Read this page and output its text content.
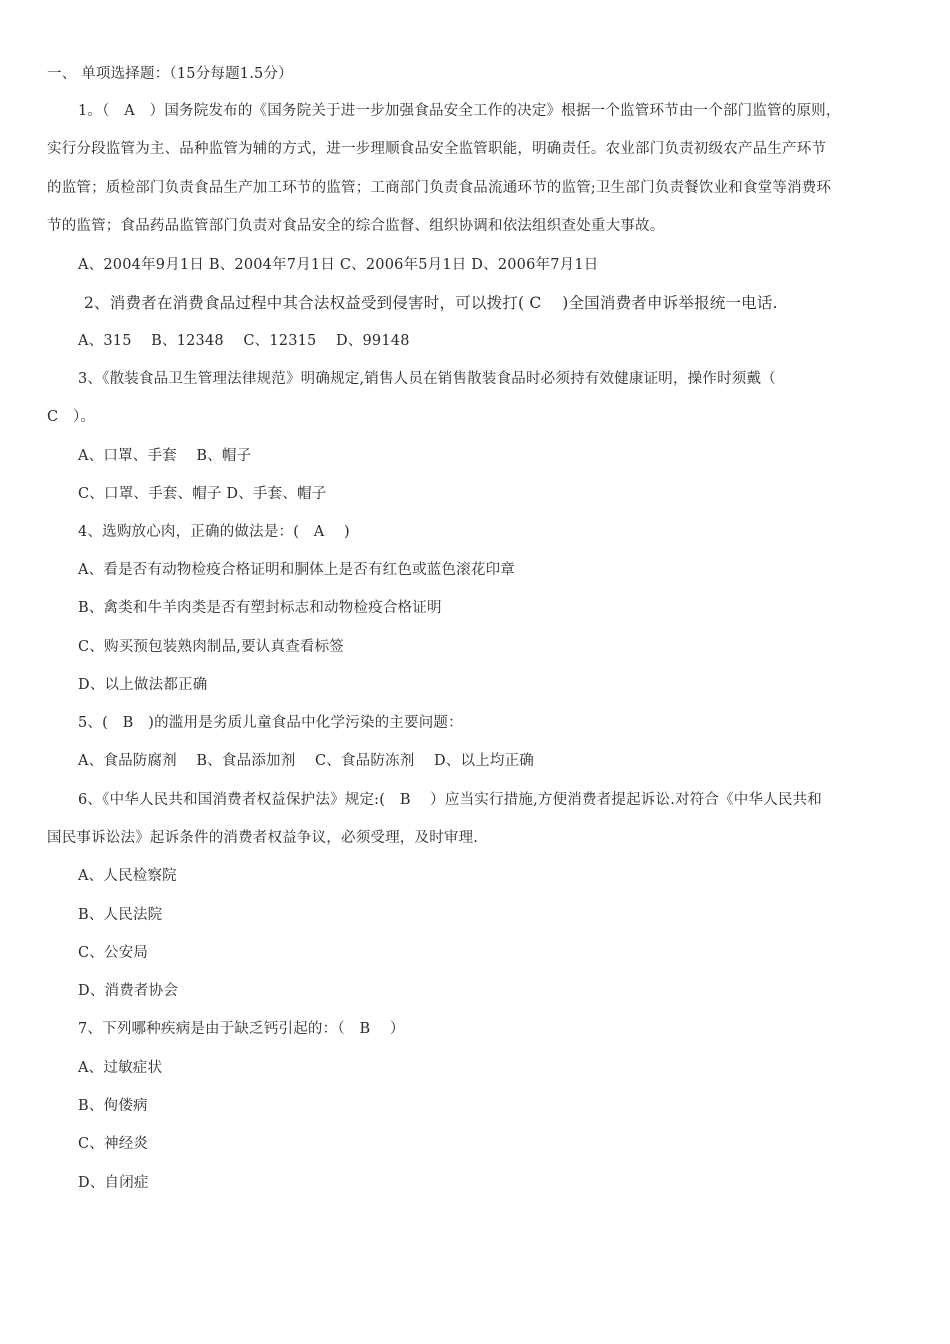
一、 单项选择题：（15分每题1.5分）
1。（　A　）国务院发布的《国务院关于进一步加强食品安全工作的决定》根据一个监管环节由一个部门监管的原则，
实行分段监管为主、品种监管为辅的方式，进一步理顺食品安全监管职能，明确责任。农业部门负责初级农产品生产环节
的监管；质检部门负责食品生产加工环节的监管；工商部门负责食品流通环节的监管;卫生部门负责餐饮业和食堂等消费环
节的监管；食品药品监管部门负责对食品安全的综合监督、组织协调和依法组织查处重大事故。
A、2004年9月1日 B、2004年7月1日 C、2006年5月1日 D、2006年7月1日
2、消费者在消费食品过程中其合法权益受到侵害时，可以拨打( C　 )全国消费者申诉举报统一电话.
A、315　 B、12348　 C、12315　 D、99148
3、《散装食品卫生管理法律规范》明确规定,销售人员在销售散装食品时必须持有效健康证明，操作时须戴（
C　）。
A、口罩、手套　 B、帽子
C、口罩、手套、帽子 D、手套、帽子
4、选购放心肉，正确的做法是：(　A　 )
A、看是否有动物检疫合格证明和胴体上是否有红色或蓝色滚花印章
B、禽类和牛羊肉类是否有塑封标志和动物检疫合格证明
C、购买预包装熟肉制品,要认真查看标签
D、以上做法都正确
5、(　B　)的滥用是劣质儿童食品中化学污染的主要问题：
A、食品防腐剂　 B、食品添加剂　 C、食品防冻剂　 D、以上均正确
6、《中华人民共和国消费者权益保护法》规定:(　B　 ）应当实行措施,方便消费者提起诉讼.对符合《中华人民共和
国民事诉讼法》起诉条件的消费者权益争议，必须受理，及时审理.
A、人民检察院
B、人民法院
C、公安局
D、消费者协会
7、下列哪种疾病是由于缺乏钙引起的：（　B　 ）
A、过敏症状
B、佝偻病
C、神经炎
D、自闭症
